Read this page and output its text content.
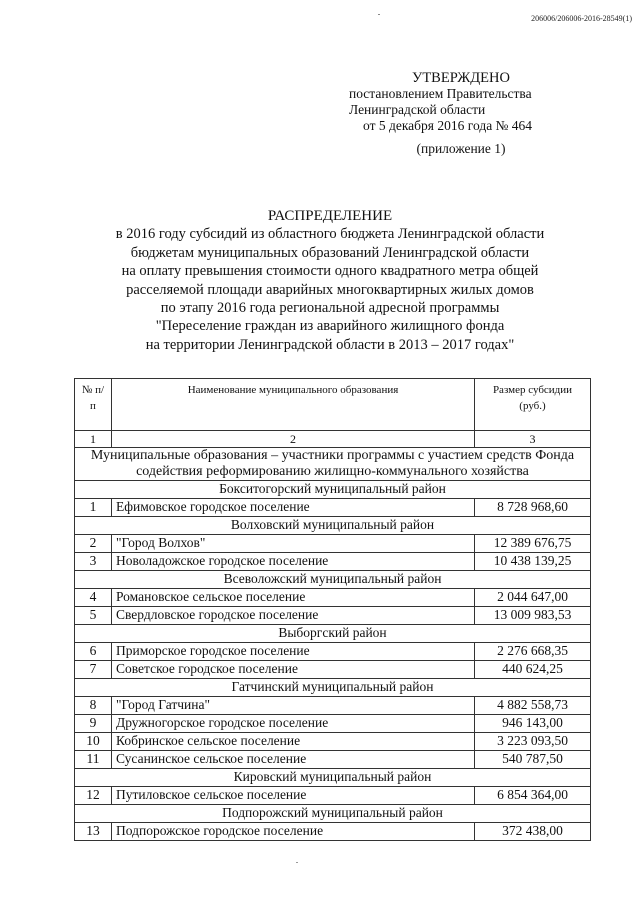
206006/206006-2016-28549(1)
УТВЕРЖДЕНО
постановлением Правительства
Ленинградской области
от 5 декабря 2016 года № 464
(приложение 1)
РАСПРЕДЕЛЕНИЕ
в 2016 году субсидий из областного бюджета Ленинградской области
бюджетам муниципальных образований Ленинградской области
на оплату превышения стоимости одного квадратного метра общей
расселяемой площади аварийных многоквартирных жилых домов
по этапу 2016 года региональной адресной программы
"Переселение граждан из аварийного жилищного фонда
на территории Ленинградской области в 2013 – 2017 годах"
№ п/п	Наименование муниципального образования	Размер субсидии (руб.)
1	2	3
Муниципальные образования – участники программы с участием средств Фонда содействия реформированию жилищно-коммунального хозяйства		
Бокситогорский муниципальный район		
1	Ефимовское городское поселение	8 728 968,60
Волховский муниципальный район		
2	"Город Волхов"	12 389 676,75
3	Новоладожское городское поселение	10 438 139,25
Всеволожский муниципальный район		
4	Романовское сельское поселение	2 044 647,00
5	Свердловское городское поселение	13 009 983,53
Выборгский район		
6	Приморское городское поселение	2 276 668,35
7	Советское городское поселение	440 624,25
Гатчинский муниципальный район		
8	"Город Гатчина"	4 882 558,73
9	Дружногорское городское поселение	946 143,00
10	Кобринское сельское поселение	3 223 093,50
11	Сусанинское сельское поселение	540 787,50
Кировский муниципальный район		
12	Путиловское сельское поселение	6 854 364,00
Подпорожский муниципальный район		
13	Подпорожское городское поселение	372 438,00
